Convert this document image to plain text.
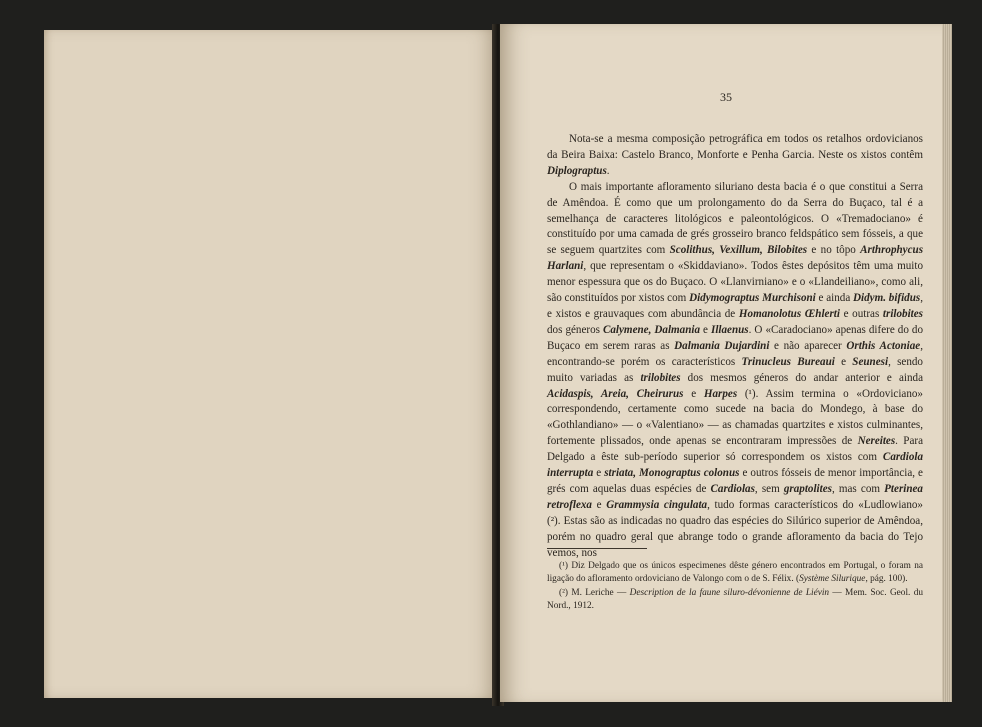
35

Nota-se a mesma composição petrográfica em todos os retalhos ordovicianos da Beira Baixa: Castelo Branco, Monforte e Penha Garcia. Neste os xistos contêm Diplograptus.

O mais importante afloramento siluriano desta bacia é o que constitui a Serra de Amêndoa. É como que um prolongamento do da Serra do Buçaco, tal é a semelhança de caracteres litológicos e paleontológicos. O «Tremadociano» é constituído por uma camada de grés grosseiro branco feldspático sem fósseis, a que se seguem quartzites com Scolithus, Vexillum, Bilobites e no tôpo Arthrophycus Harlani, que representam o «Skiddaviano». Todos êstes depósitos têm uma muito menor espessura que os do Buçaco. O «Llanvirniano» e o «Llandeiliano», como ali, são constituídos por xistos com Didymograptus Murchisoni e ainda Didym. bifidus, e xistos e grauvaques com abundância de Homanolotus Œhlerti e outras trilobites dos géneros Calymene, Dalmania e Illaenus. O «Caradociano» apenas difere do do Buçaco em serem raras as Dalmania Dujardini e não aparecer Orthis Actoniae, encontrando-se porém os característicos Trinucleus Bureaui e Seunesi, sendo muito variadas as trilobites dos mesmos géneros do andar anterior e ainda Acidaspis, Areia, Cheirurus e Harpes (¹). Assim termina o «Ordoviciano» correspondendo, certamente como sucede na bacia do Mondego, à base do «Gothlandiano» — o «Valentiano» — as chamadas quartzites e xistos culminantes, fortemente plissados, onde apenas se encontraram impressões de Nereites. Para Delgado a êste sub-período superior só correspondem os xistos com Cardiola interrupta e striata, Monograptus colonus e outros fósseis de menor importância, e grés com aquelas duas espécies de Cardiolas, sem graptolites, mas com Pterinea retroflexa e Grammysia cingulata, tudo formas característicos do «Ludlowiano» (²). Estas são as indicadas no quadro das espécies do Silúrico superior de Amêndoa, porém no quadro geral que abrange todo o grande afloramento da bacia do Tejo vemos, nos

(¹) Diz Delgado que os únicos especimenes dêste género encontrados em Portugal, o foram na ligação do afloramento ordoviciano de Valongo com o de S. Félix. (Système Silurique, pág. 100).

(²) M. Leriche — Description de la faune siluro-dévonienne de Liévin — Mem. Soc. Geol. du Nord., 1912.
